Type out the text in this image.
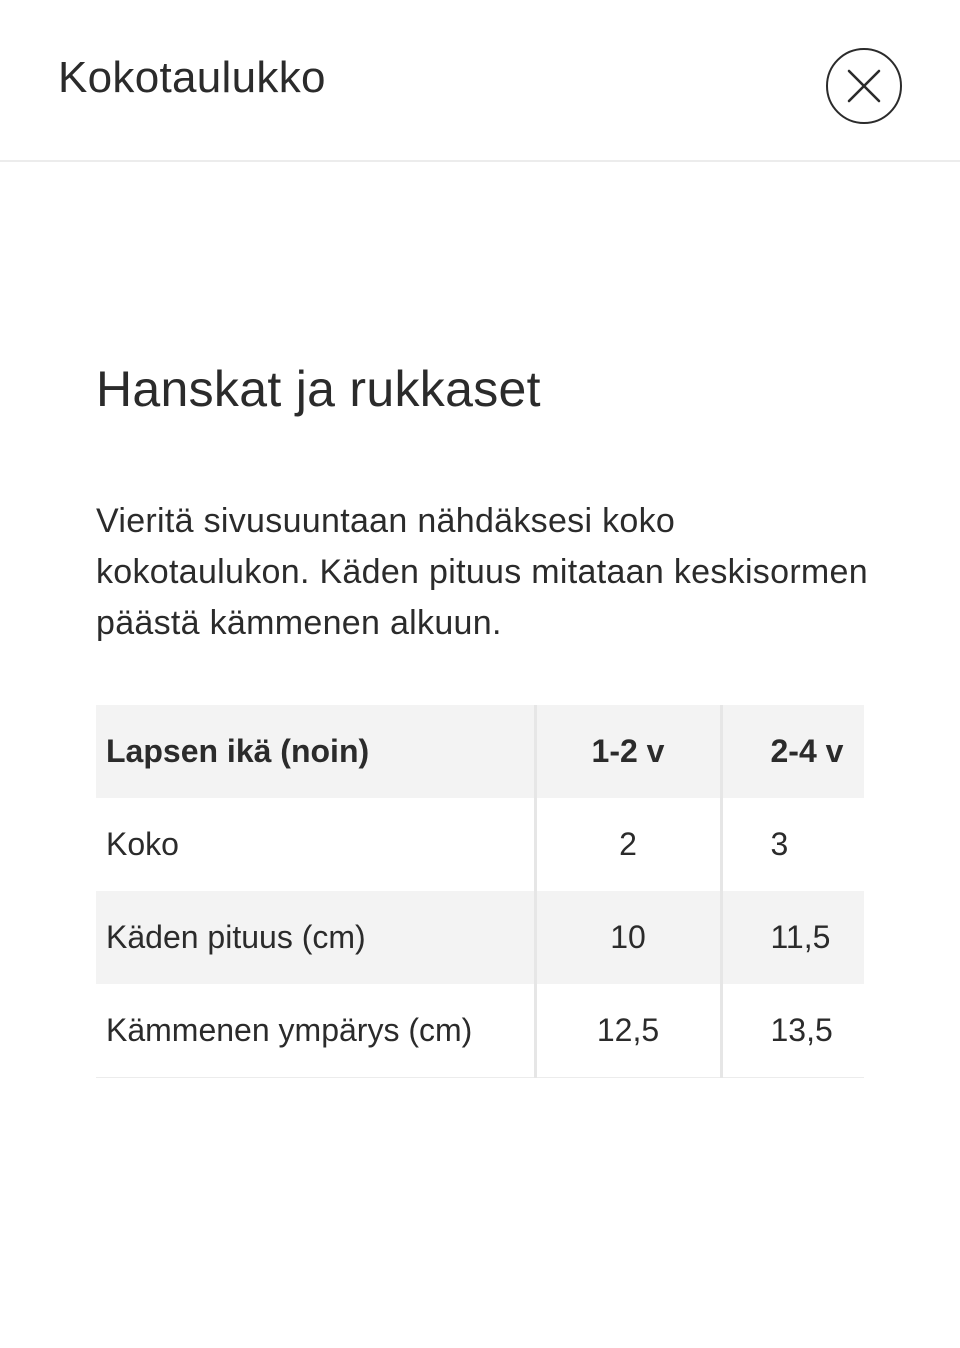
Kokotaulukko
Hanskat ja rukkaset

Vieritä sivusuuntaan nähdäksesi koko kokotaulukon. Käden pituus mitataan keskisormen päästä kämmenen alkuun.

Lapsen ikä (noin)	1-2 v	2-4 v
Koko	2	3
Käden pituus (cm)	10	11,5
Kämmenen ympärys (cm)	12,5	13,5
